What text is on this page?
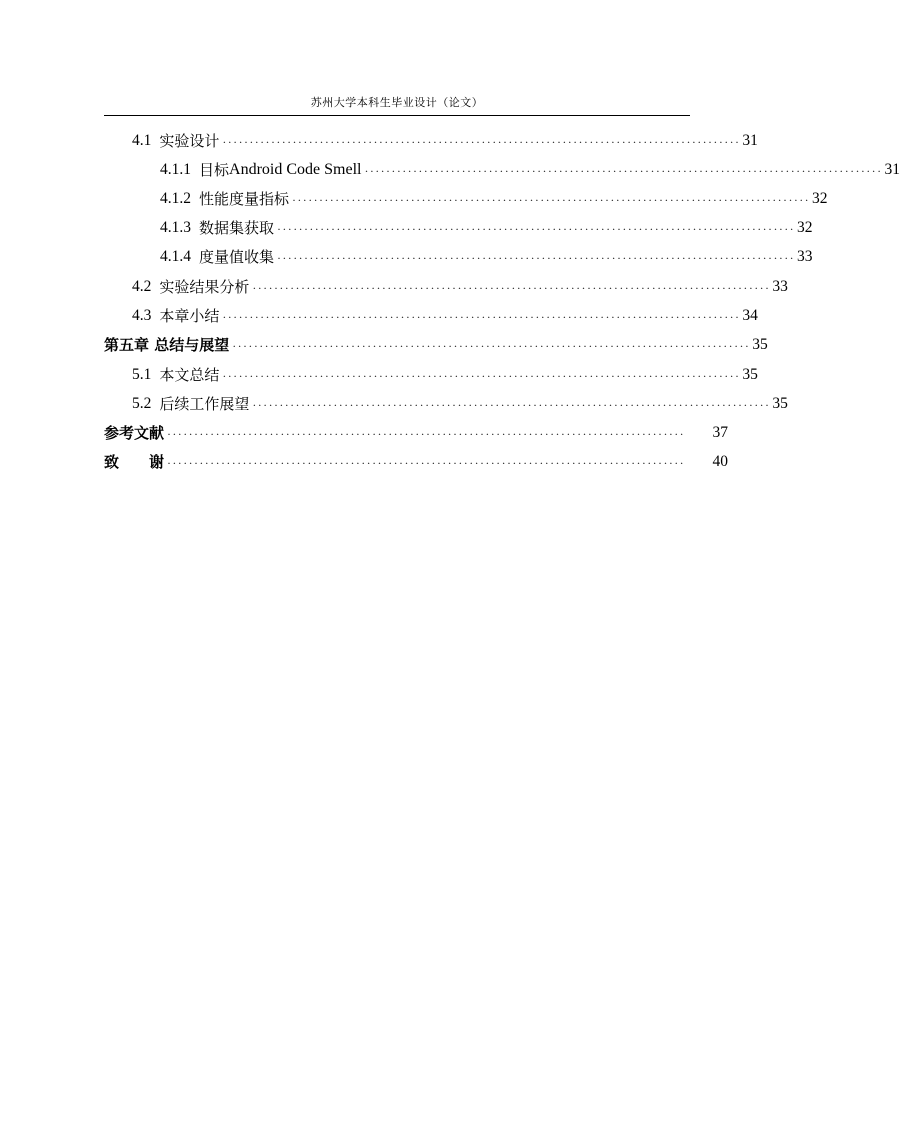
苏州大学本科生毕业设计（论文）
4.1 实验设计 ································································································ 31
4.1.1 目标 Android Code Smell ································································································ 31
4.1.2 性能度量指标 ································································································ 32
4.1.3 数据集获取 ································································································ 32
4.1.4 度量值收集 ································································································ 33
4.2 实验结果分析 ································································································ 33
4.3 本章小结 ································································································ 34
第五章 总结与展望 ································································································ 35
5.1 本文总结 ································································································ 35
5.2 后续工作展望 ································································································ 35
参考文献 ································································································	37
致　　谢 ································································································	40
